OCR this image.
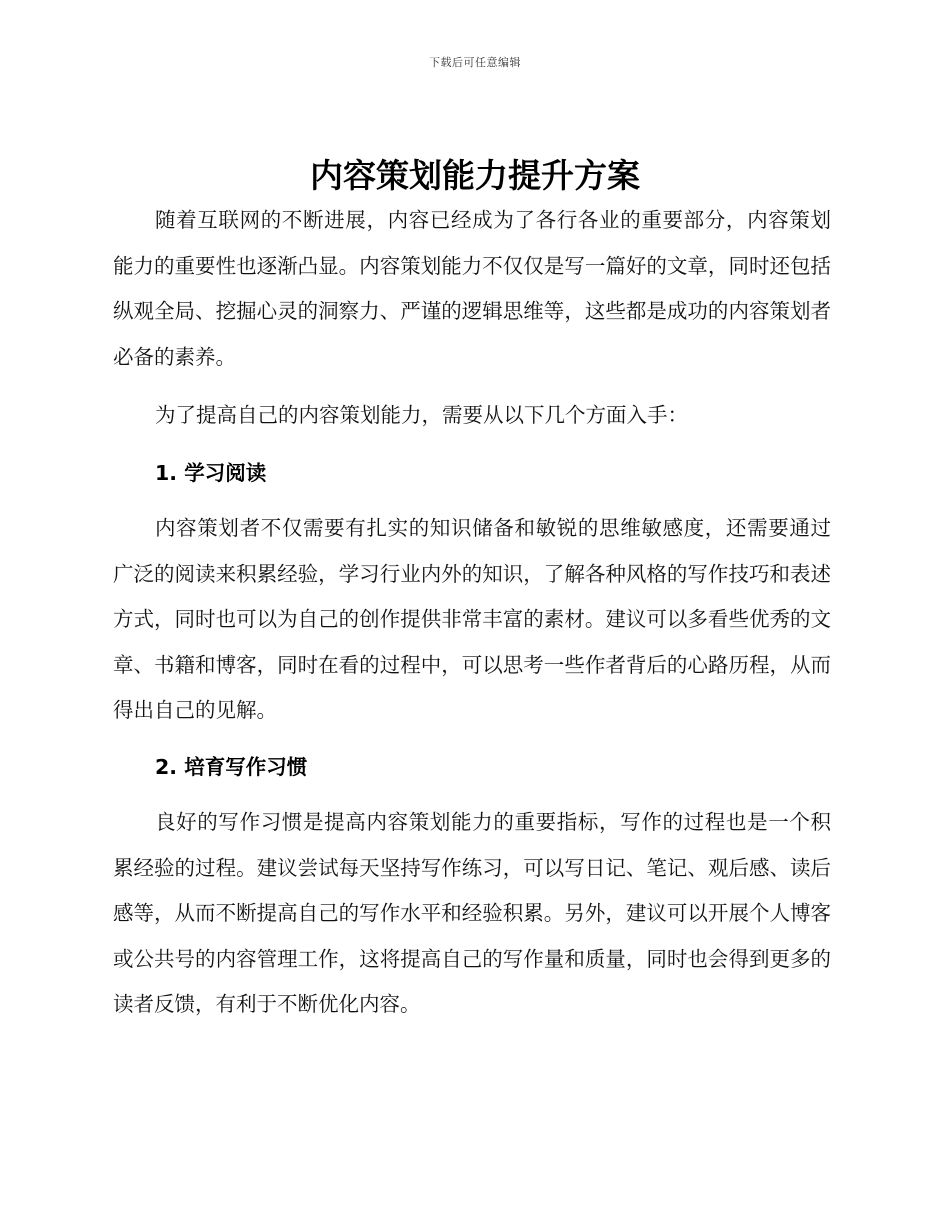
下载后可任意编辑
内容策划能力提升方案

随着互联网的不断进展，内容已经成为了各行各业的重要部分，内容策划能力的重要性也逐渐凸显。内容策划能力不仅仅是写一篇好的文章，同时还包括纵观全局、挖掘心灵的洞察力、严谨的逻辑思维等，这些都是成功的内容策划者必备的素养。

为了提高自己的内容策划能力，需要从以下几个方面入手：

1. 学习阅读

内容策划者不仅需要有扎实的知识储备和敏锐的思维敏感度，还需要通过广泛的阅读来积累经验，学习行业内外的知识，了解各种风格的写作技巧和表述方式，同时也可以为自己的创作提供非常丰富的素材。建议可以多看些优秀的文章、书籍和博客，同时在看的过程中，可以思考一些作者背后的心路历程，从而得出自己的见解。

2. 培育写作习惯

良好的写作习惯是提高内容策划能力的重要指标，写作的过程也是一个积累经验的过程。建议尝试每天坚持写作练习，可以写日记、笔记、观后感、读后感等，从而不断提高自己的写作水平和经验积累。另外，建议可以开展个人博客或公共号的内容管理工作，这将提高自己的写作量和质量，同时也会得到更多的读者反馈，有利于不断优化内容。
